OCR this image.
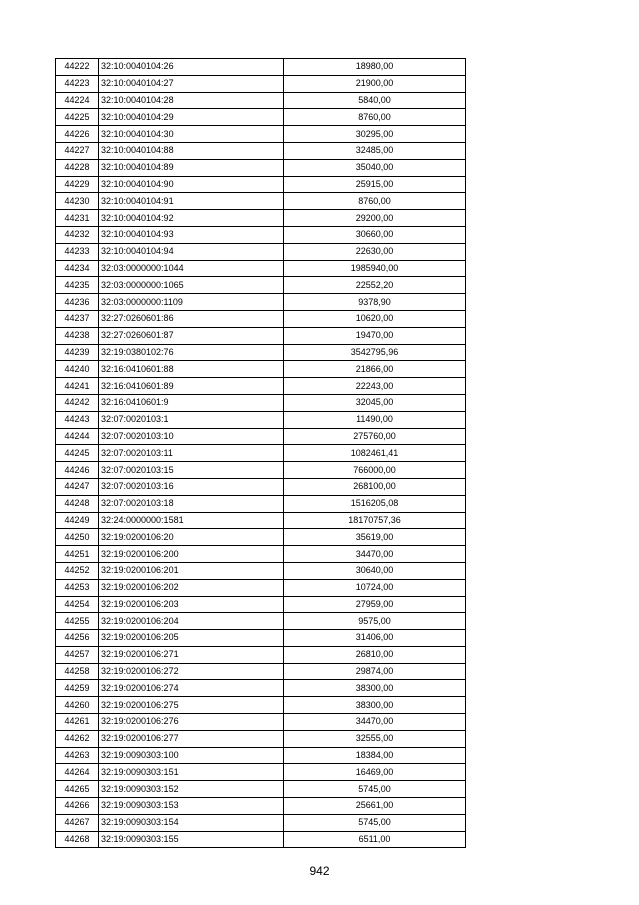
44222	32:10:0040104:26	18980,00
44223	32:10:0040104:27	21900,00
44224	32:10:0040104:28	5840,00
44225	32:10:0040104:29	8760,00
44226	32:10:0040104:30	30295,00
44227	32:10:0040104:88	32485,00
44228	32:10:0040104:89	35040,00
44229	32:10:0040104:90	25915,00
44230	32:10:0040104:91	8760,00
44231	32:10:0040104:92	29200,00
44232	32:10:0040104:93	30660,00
44233	32:10:0040104:94	22630,00
44234	32:03:0000000:1044	1985940,00
44235	32:03:0000000:1065	22552,20
44236	32:03:0000000:1109	9378,90
44237	32:27:0260601:86	10620,00
44238	32:27:0260601:87	19470,00
44239	32:19:0380102:76	3542795,96
44240	32:16:0410601:88	21866,00
44241	32:16:0410601:89	22243,00
44242	32:16:0410601:9	32045,00
44243	32:07:0020103:1	11490,00
44244	32:07:0020103:10	275760,00
44245	32:07:0020103:11	1082461,41
44246	32:07:0020103:15	766000,00
44247	32:07:0020103:16	268100,00
44248	32:07:0020103:18	1516205,08
44249	32:24:0000000:1581	18170757,36
44250	32:19:0200106:20	35619,00
44251	32:19:0200106:200	34470,00
44252	32:19:0200106:201	30640,00
44253	32:19:0200106:202	10724,00
44254	32:19:0200106:203	27959,00
44255	32:19:0200106:204	9575,00
44256	32:19:0200106:205	31406,00
44257	32:19:0200106:271	26810,00
44258	32:19:0200106:272	29874,00
44259	32:19:0200106:274	38300,00
44260	32:19:0200106:275	38300,00
44261	32:19:0200106:276	34470,00
44262	32:19:0200106:277	32555,00
44263	32:19:0090303:100	18384,00
44264	32:19:0090303:151	16469,00
44265	32:19:0090303:152	5745,00
44266	32:19:0090303:153	25661,00
44267	32:19:0090303:154	5745,00
44268	32:19:0090303:155	6511,00
942
